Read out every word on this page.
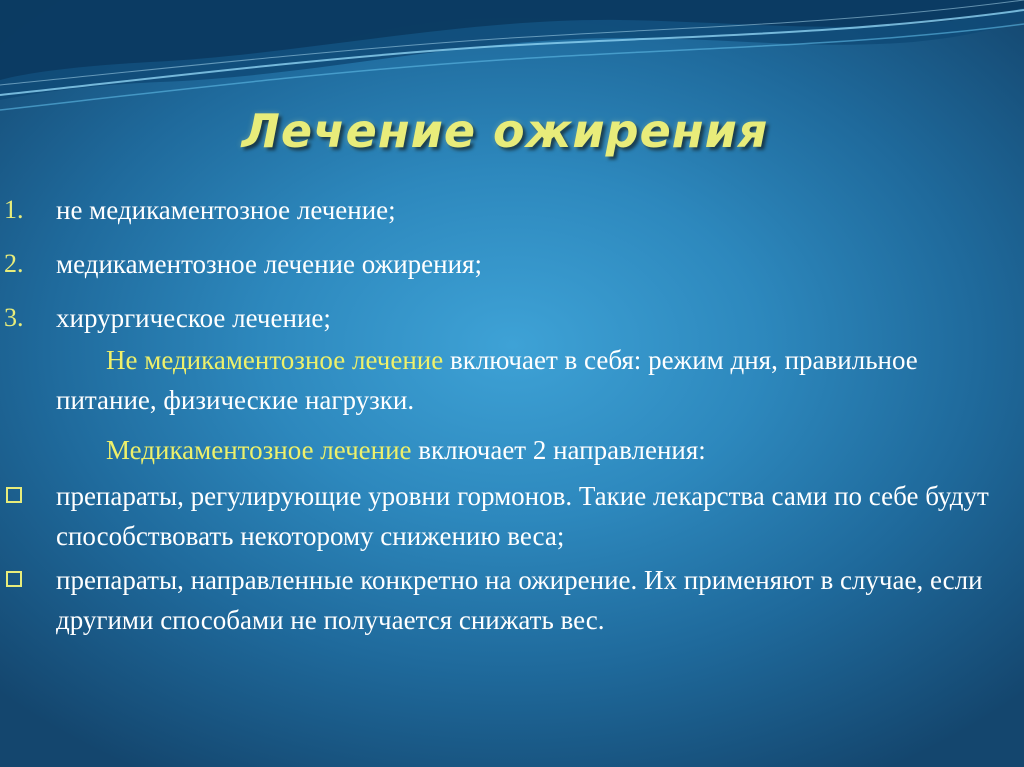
Лечение ожирения
1. не медикаментозное лечение;
2. медикаментозное лечение ожирения;
3. хирургическое лечение;
Не медикаментозное лечение включает в себя: режим дня, правильное питание, физические нагрузки.
Медикаментозное лечение включает 2 направления:
препараты, регулирующие уровни гормонов. Такие лекарства сами по себе будут способствовать некоторому снижению веса;
препараты, направленные конкретно на ожирение. Их применяют в случае, если другими способами не получается снижать вес.
